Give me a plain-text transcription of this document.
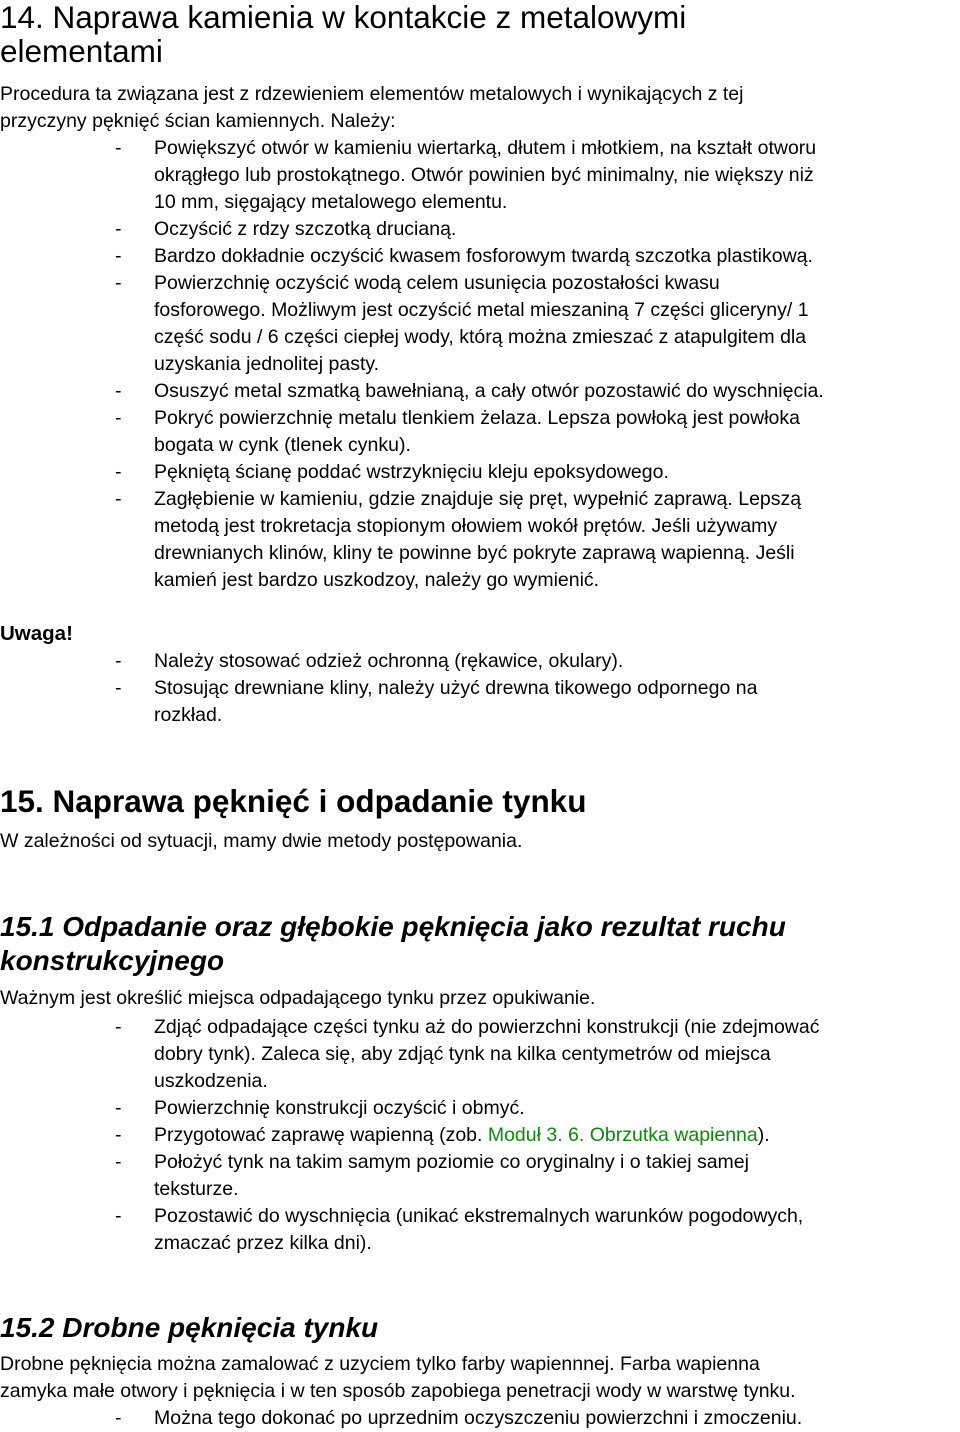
14. Naprawa kamienia w kontakcie z metalowymi
elementami

Procedura ta związana jest z rdzewieniem elementów metalowych i wynikających z tej

przyczyny pęknięć ścian kamiennych. Należy:

- Powiększyć otwór w kamieniu wiertarką, dłutem i młotkiem, na kształt otworu
okrągłego lub prostokątnego. Otwór powinien być minimalny, nie większy niż
10 mm, sięgający metalowego elementu.
- Oczyścić z rdzy szczotką drucianą.
- Bardzo dokładnie oczyścić kwasem fosforowym twardą szczotka plastikową.
- Powierzchnię oczyścić wodą celem usunięcia pozostałości kwasu
fosforowego. Możliwym jest oczyścić metal mieszaniną 7 części gliceryny/ 1
część sodu / 6 części ciepłej wody, którą można zmieszać z atapulgitem dla
uzyskania jednolitej pasty.
- Osuszyć metal szmatką bawełnianą, a cały otwór pozostawić do wyschnięcia.
- Pokryć powierzchnię metalu tlenkiem żelaza. Lepsza powłoką jest powłoka
bogata w cynk (tlenek cynku).
- Pękniętą ścianę poddać wstrzyknięciu kleju epoksydowego.
- Zagłębienie w kamieniu, gdzie znajduje się pręt, wypełnić zaprawą. Lepszą
metodą jest trokretacja stopionym ołowiem wokół prętów. Jeśli używamy
drewnianych klinów, kliny te powinne być pokryte zaprawą wapienną. Jeśli
kamień jest bardzo uszkodzoy, należy go wymienić.
Uwaga!
- Należy stosować odzież ochronną (rękawice, okulary).
- Stosując drewniane kliny, należy użyć drewna tikowego odpornego na
rozkład.
15. Naprawa pęknięć i odpadanie tynku

W zależności od sytuacji, mamy dwie metody postępowania.

15.1 Odpadanie oraz głębokie pęknięcia jako rezultat ruchu
konstrukcyjnego

Ważnym jest określić miejsca odpadającego tynku przez opukiwanie.

- Zdjąć odpadające części tynku aż do powierzchni konstrukcji (nie zdejmować
dobry tynk). Zaleca się, aby zdjąć tynk na kilka centymetrów od miejsca
uszkodzenia.
- Powierzchnię konstrukcji oczyścić i obmyć.
- Przygotować zaprawę wapienną (zob. Moduł 3. 6. Obrzutka wapienna).
- Położyć tynk na takim samym poziomie co oryginalny i o takiej samej
teksturze.
- Pozostawić do wyschnięcia (unikać ekstremalnych warunków pogodowych,
zmaczać przez kilka dni).
15.2 Drobne pęknięcia tynku

Drobne pęknięcia można zamalować z uzyciem tylko farby wapiennnej. Farba wapienna

zamyka małe otwory i pęknięcia i w ten sposób zapobiega penetracji wody w warstwę tynku.

- Można tego dokonać po uprzednim oczyszczeniu powierzchni i zmoczeniu.
